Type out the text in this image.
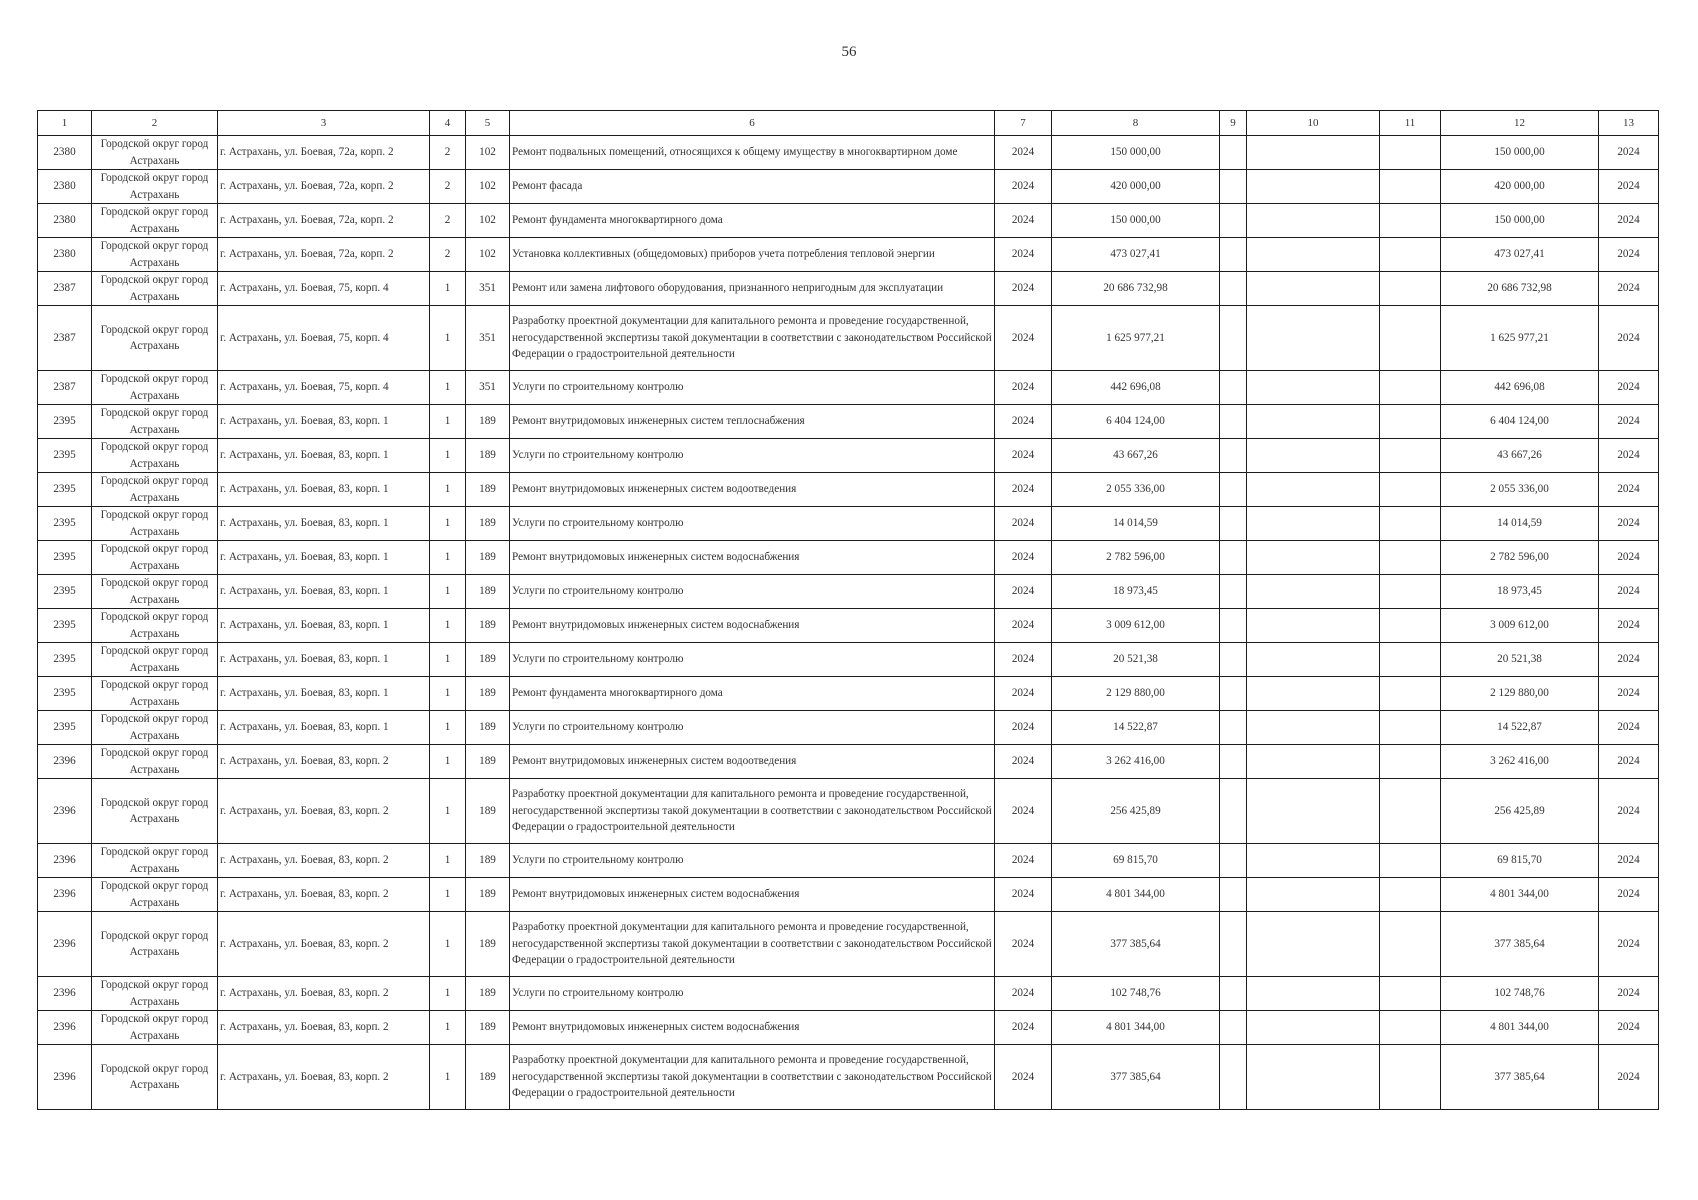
56
1	2	3	4	5	6	7	8	9	10	11	12	13
2380	Городской округ город Астрахань	г. Астрахань, ул. Боевая, 72а, корп. 2	2	102	Ремонт подвальных помещений, относящихся к общему имуществу в многоквартирном доме	2024	150 000,00				150 000,00	2024
2380	Городской округ город Астрахань	г. Астрахань, ул. Боевая, 72а, корп. 2	2	102	Ремонт фасада	2024	420 000,00				420 000,00	2024
2380	Городской округ город Астрахань	г. Астрахань, ул. Боевая, 72а, корп. 2	2	102	Ремонт фундамента многоквартирного дома	2024	150 000,00				150 000,00	2024
2380	Городской округ город Астрахань	г. Астрахань, ул. Боевая, 72а, корп. 2	2	102	Установка коллективных (общедомовых) приборов учета потребления тепловой энергии	2024	473 027,41				473 027,41	2024
2387	Городской округ город Астрахань	г. Астрахань, ул. Боевая, 75, корп. 4	1	351	Ремонт или замена лифтового оборудования, признанного непригодным для эксплуатации	2024	20 686 732,98				20 686 732,98	2024
2387	Городской округ город Астрахань	г. Астрахань, ул. Боевая, 75, корп. 4	1	351	Разработку проектной документации для капитального ремонта и проведение государственной, негосударственной экспертизы такой документации в соответствии с законодательством Российской Федерации о градостроительной деятельности	2024	1 625 977,21				1 625 977,21	2024
2387	Городской округ город Астрахань	г. Астрахань, ул. Боевая, 75, корп. 4	1	351	Услуги по строительному контролю	2024	442 696,08				442 696,08	2024
2395	Городской округ город Астрахань	г. Астрахань, ул. Боевая, 83, корп. 1	1	189	Ремонт внутридомовых инженерных систем теплоснабжения	2024	6 404 124,00				6 404 124,00	2024
2395	Городской округ город Астрахань	г. Астрахань, ул. Боевая, 83, корп. 1	1	189	Услуги по строительному контролю	2024	43 667,26				43 667,26	2024
2395	Городской округ город Астрахань	г. Астрахань, ул. Боевая, 83, корп. 1	1	189	Ремонт внутридомовых инженерных систем водоотведения	2024	2 055 336,00				2 055 336,00	2024
2395	Городской округ город Астрахань	г. Астрахань, ул. Боевая, 83, корп. 1	1	189	Услуги по строительному контролю	2024	14 014,59				14 014,59	2024
2395	Городской округ город Астрахань	г. Астрахань, ул. Боевая, 83, корп. 1	1	189	Ремонт внутридомовых инженерных систем водоснабжения	2024	2 782 596,00				2 782 596,00	2024
2395	Городской округ город Астрахань	г. Астрахань, ул. Боевая, 83, корп. 1	1	189	Услуги по строительному контролю	2024	18 973,45				18 973,45	2024
2395	Городской округ город Астрахань	г. Астрахань, ул. Боевая, 83, корп. 1	1	189	Ремонт внутридомовых инженерных систем водоснабжения	2024	3 009 612,00				3 009 612,00	2024
2395	Городской округ город Астрахань	г. Астрахань, ул. Боевая, 83, корп. 1	1	189	Услуги по строительному контролю	2024	20 521,38				20 521,38	2024
2395	Городской округ город Астрахань	г. Астрахань, ул. Боевая, 83, корп. 1	1	189	Ремонт фундамента многоквартирного дома	2024	2 129 880,00				2 129 880,00	2024
2395	Городской округ город Астрахань	г. Астрахань, ул. Боевая, 83, корп. 1	1	189	Услуги по строительному контролю	2024	14 522,87				14 522,87	2024
2396	Городской округ город Астрахань	г. Астрахань, ул. Боевая, 83, корп. 2	1	189	Ремонт внутридомовых инженерных систем водоотведения	2024	3 262 416,00				3 262 416,00	2024
2396	Городской округ город Астрахань	г. Астрахань, ул. Боевая, 83, корп. 2	1	189	Разработку проектной документации для капитального ремонта и проведение государственной, негосударственной экспертизы такой документации в соответствии с законодательством Российской Федерации о градостроительной деятельности	2024	256 425,89				256 425,89	2024
2396	Городской округ город Астрахань	г. Астрахань, ул. Боевая, 83, корп. 2	1	189	Услуги по строительному контролю	2024	69 815,70				69 815,70	2024
2396	Городской округ город Астрахань	г. Астрахань, ул. Боевая, 83, корп. 2	1	189	Ремонт внутридомовых инженерных систем водоснабжения	2024	4 801 344,00				4 801 344,00	2024
2396	Городской округ город Астрахань	г. Астрахань, ул. Боевая, 83, корп. 2	1	189	Разработку проектной документации для капитального ремонта и проведение государственной, негосударственной экспертизы такой документации в соответствии с законодательством Российской Федерации о градостроительной деятельности	2024	377 385,64				377 385,64	2024
2396	Городской округ город Астрахань	г. Астрахань, ул. Боевая, 83, корп. 2	1	189	Услуги по строительному контролю	2024	102 748,76				102 748,76	2024
2396	Городской округ город Астрахань	г. Астрахань, ул. Боевая, 83, корп. 2	1	189	Ремонт внутридомовых инженерных систем водоснабжения	2024	4 801 344,00				4 801 344,00	2024
2396	Городской округ город Астрахань	г. Астрахань, ул. Боевая, 83, корп. 2	1	189	Разработку проектной документации для капитального ремонта и проведение государственной, негосударственной экспертизы такой документации в соответствии с законодательством Российской Федерации о градостроительной деятельности	2024	377 385,64				377 385,64	2024
